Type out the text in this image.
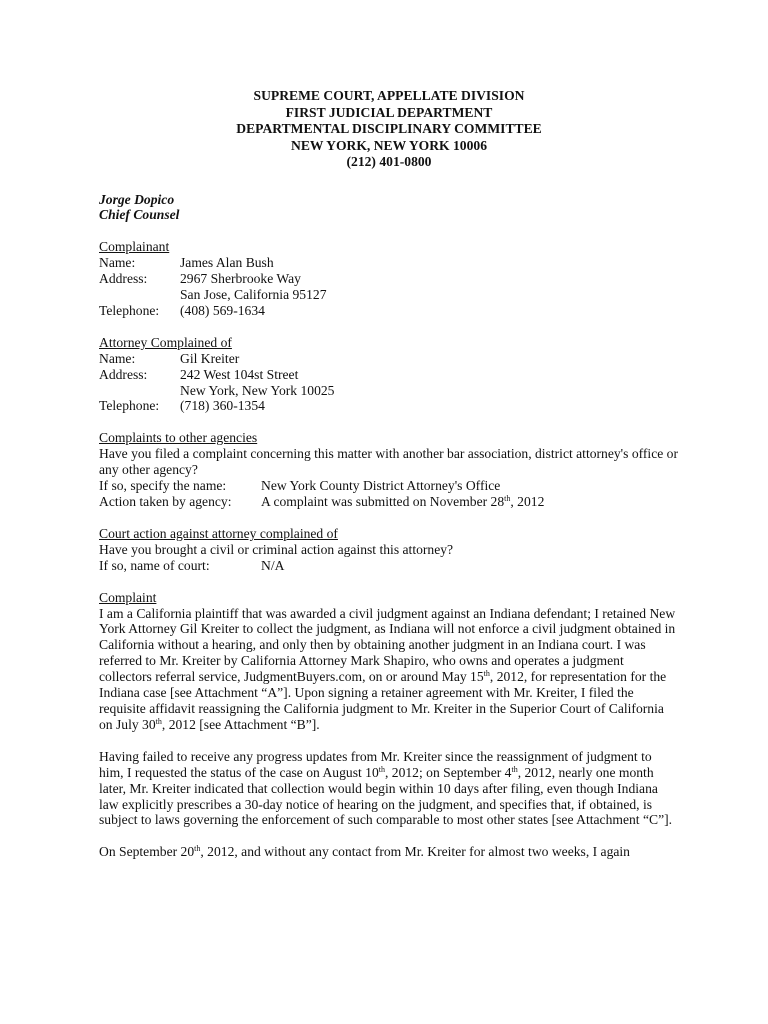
SUPREME COURT, APPELLATE DIVISION
FIRST JUDICIAL DEPARTMENT
DEPARTMENTAL DISCIPLINARY COMMITTEE
NEW YORK, NEW YORK 10006
(212) 401-0800
Jorge Dopico
Chief Counsel
Complainant
Name:	James Alan Bush
Address:	2967 Sherbrooke Way
San Jose, California 95127
Telephone:	(408) 569-1634
Attorney Complained of
Name:	Gil Kreiter
Address:	242 West 104st Street
New York, New York 10025
Telephone:	(718) 360-1354
Complaints to other agencies
Have you filed a complaint concerning this matter with another bar association, district attorney's office or any other agency?
If so, specify the name:	New York County District Attorney's Office
Action taken by agency:	A complaint was submitted on November 28th, 2012
Court action against attorney complained of
Have you brought a civil or criminal action against this attorney?
If so, name of court:	N/A
Complaint

I am a California plaintiff that was awarded a civil judgment against an Indiana defendant; I retained New York Attorney Gil Kreiter to collect the judgment, as Indiana will not enforce a civil judgment obtained in California without a hearing, and only then by obtaining another judgment in an Indiana court. I was referred to Mr. Kreiter by California Attorney Mark Shapiro, who owns and operates a judgment collectors referral service, JudgmentBuyers.com, on or around May 15th, 2012, for representation for the Indiana case [see Attachment “A”]. Upon signing a retainer agreement with Mr. Kreiter, I filed the requisite affidavit reassigning the California judgment to Mr. Kreiter in the Superior Court of California on July 30th, 2012 [see Attachment “B”].

Having failed to receive any progress updates from Mr. Kreiter since the reassignment of judgment to him, I requested the status of the case on August 10th, 2012; on September 4th, 2012, nearly one month later, Mr. Kreiter indicated that collection would begin within 10 days after filing, even though Indiana law explicitly prescribes a 30-day notice of hearing on the judgment, and specifies that, if obtained, is subject to laws governing the enforcement of such comparable to most other states [see Attachment “C”].

On September 20th, 2012, and without any contact from Mr. Kreiter for almost two weeks, I again
